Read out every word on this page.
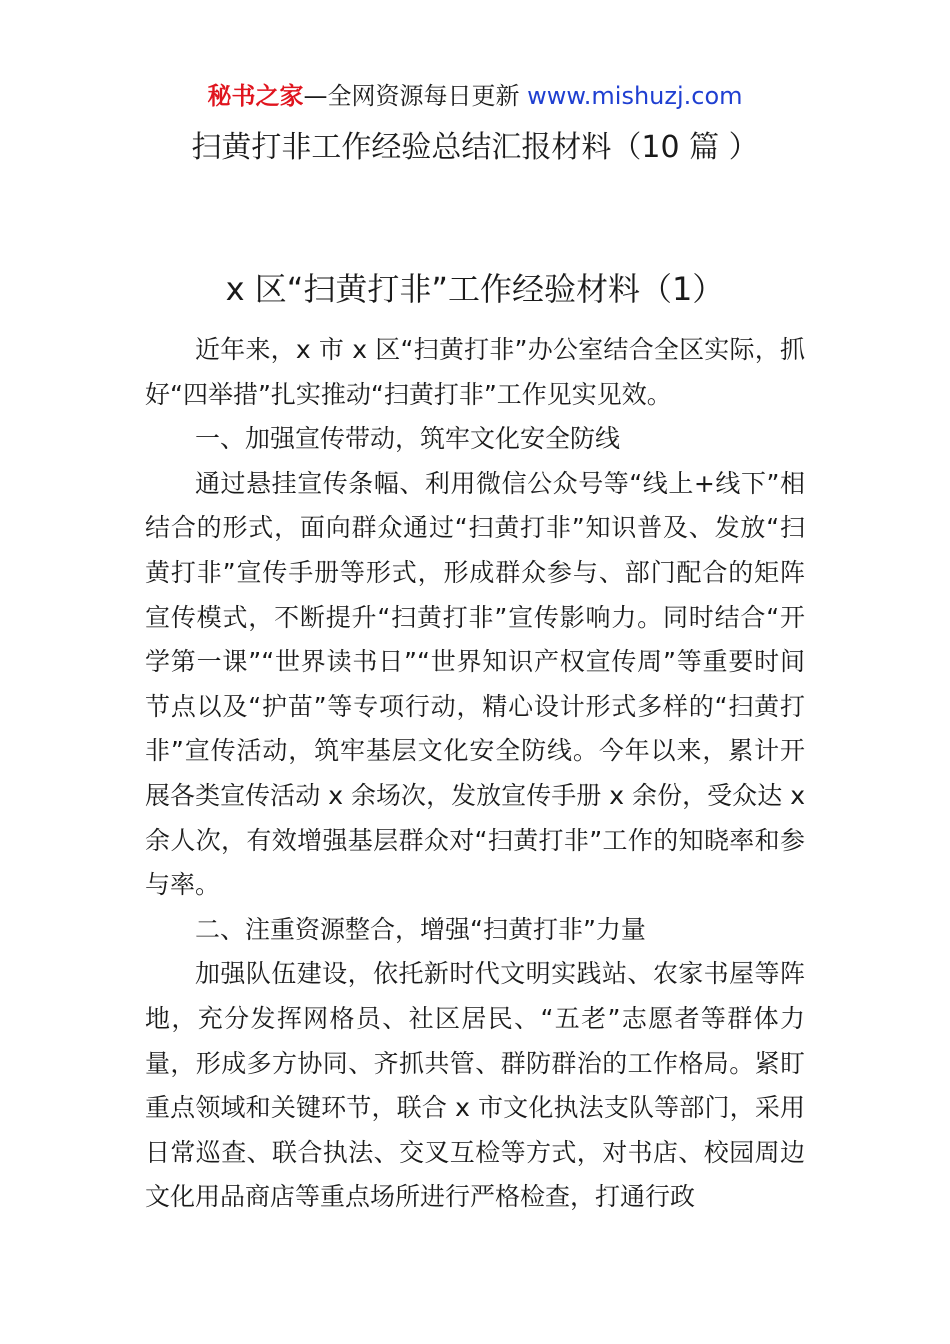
秘书之家—全网资源每日更新 www.mishuzj.com
扫黄打非工作经验总结汇报材料（10 篇 ）
x 区“扫黄打非”工作经验材料（1）

近年来，x 市 x 区“扫黄打非”办公室结合全区实际，抓好“四举措”扎实推动“扫黄打非”工作见实见效。

一、加强宣传带动，筑牢文化安全防线

通过悬挂宣传条幅、利用微信公众号等“线上+线下”相结合的形式，面向群众通过“扫黄打非”知识普及、发放“扫黄打非”宣传手册等形式，形成群众参与、部门配合的矩阵宣传模式，不断提升“扫黄打非”宣传影响力。同时结合“开学第一课”“世界读书日”“世界知识产权宣传周”等重要时间节点以及“护苗”等专项行动，精心设计形式多样的“扫黄打非”宣传活动，筑牢基层文化安全防线。今年以来，累计开展各类宣传活动 x 余场次，发放宣传手册 x 余份，受众达 x 余人次，有效增强基层群众对“扫黄打非”工作的知晓率和参与率。

二、注重资源整合，增强“扫黄打非”力量

加强队伍建设，依托新时代文明实践站、农家书屋等阵地，充分发挥网格员、社区居民、“五老”志愿者等群体力量，形成多方协同、齐抓共管、群防群治的工作格局。紧盯重点领域和关键环节，联合 x 市文化执法支队等部门，采用日常巡查、联合执法、交叉互检等方式，对书店、校园周边文化用品商店等重点场所进行严格检查，打通行政
